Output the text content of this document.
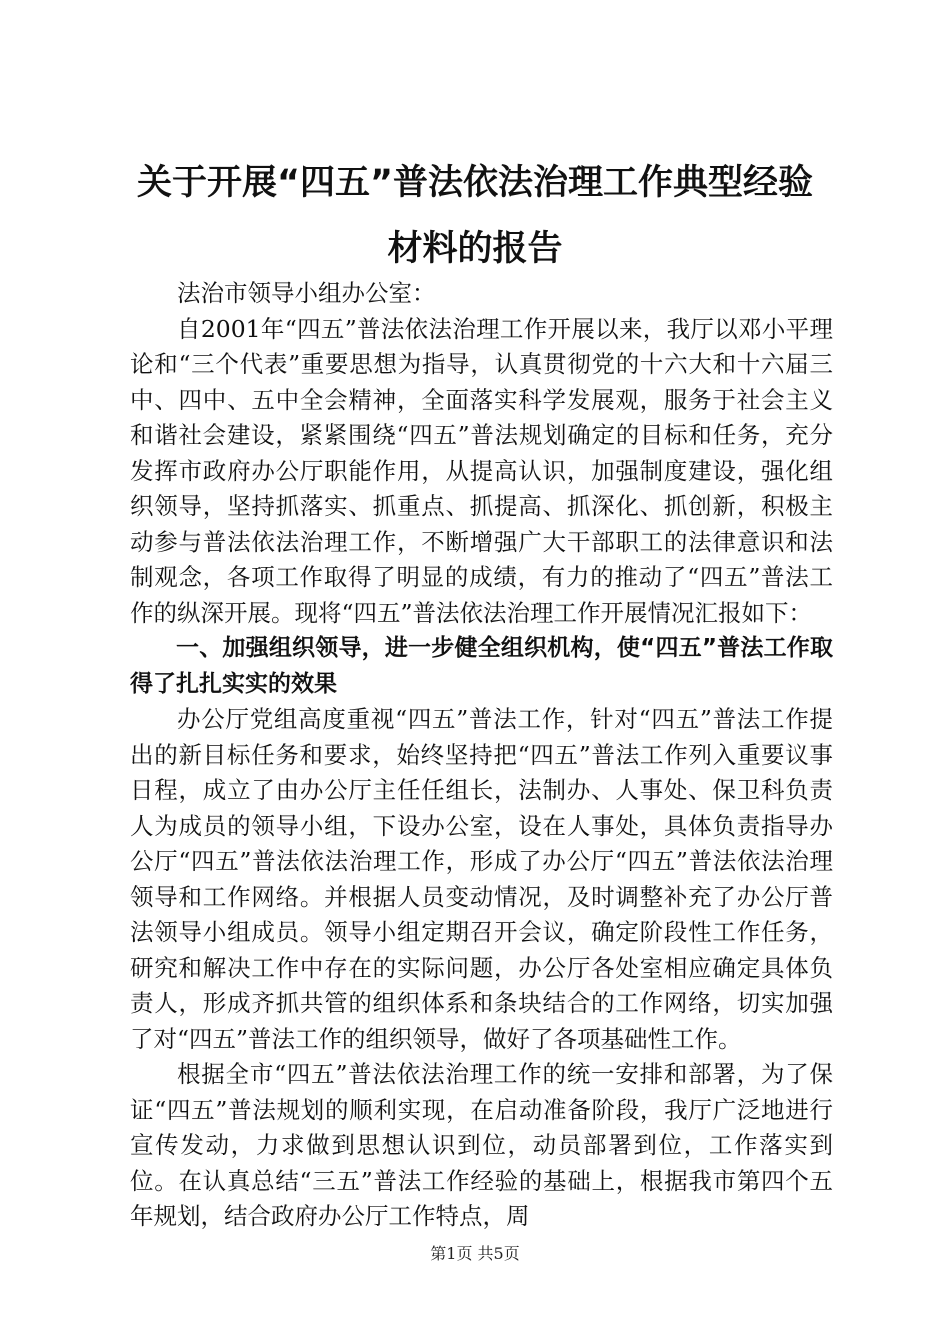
关于开展“四五”普法依法治理工作典型经验
材料的报告

法治市领导小组办公室：

自2001年“四五”普法依法治理工作开展以来，我厅以邓小平理论和“三个代表”重要思想为指导，认真贯彻党的十六大和十六届三中、四中、五中全会精神，全面落实科学发展观，服务于社会主义和谐社会建设，紧紧围绕“四五”普法规划确定的目标和任务，充分发挥市政府办公厅职能作用，从提高认识，加强制度建设，强化组织领导，坚持抓落实、抓重点、抓提高、抓深化、抓创新，积极主动参与普法依法治理工作，不断增强广大干部职工的法律意识和法制观念，各项工作取得了明显的成绩，有力的推动了“四五”普法工作的纵深开展。现将“四五”普法依法治理工作开展情况汇报如下：

一、加强组织领导，进一步健全组织机构，使“四五”普法工作取得了扎扎实实的效果

办公厅党组高度重视“四五”普法工作，针对“四五”普法工作提出的新目标任务和要求，始终坚持把“四五”普法工作列入重要议事日程，成立了由办公厅主任任组长，法制办、人事处、保卫科负责人为成员的领导小组，下设办公室，设在人事处，具体负责指导办公厅“四五”普法依法治理工作，形成了办公厅“四五”普法依法治理领导和工作网络。并根据人员变动情况，及时调整补充了办公厅普法领导小组成员。领导小组定期召开会议，确定阶段性工作任务，研究和解决工作中存在的实际问题，办公厅各处室相应确定具体负责人，形成齐抓共管的组织体系和条块结合的工作网络，切实加强了对“四五”普法工作的组织领导，做好了各项基础性工作。

根据全市“四五”普法依法治理工作的统一安排和部署，为了保证“四五”普法规划的顺利实现，在启动准备阶段，我厅广泛地进行宣传发动，力求做到思想认识到位，动员部署到位，工作落实到位。在认真总结“三五”普法工作经验的基础上，根据我市第四个五年规划，结合政府办公厅工作特点，周

第1页 共5页
